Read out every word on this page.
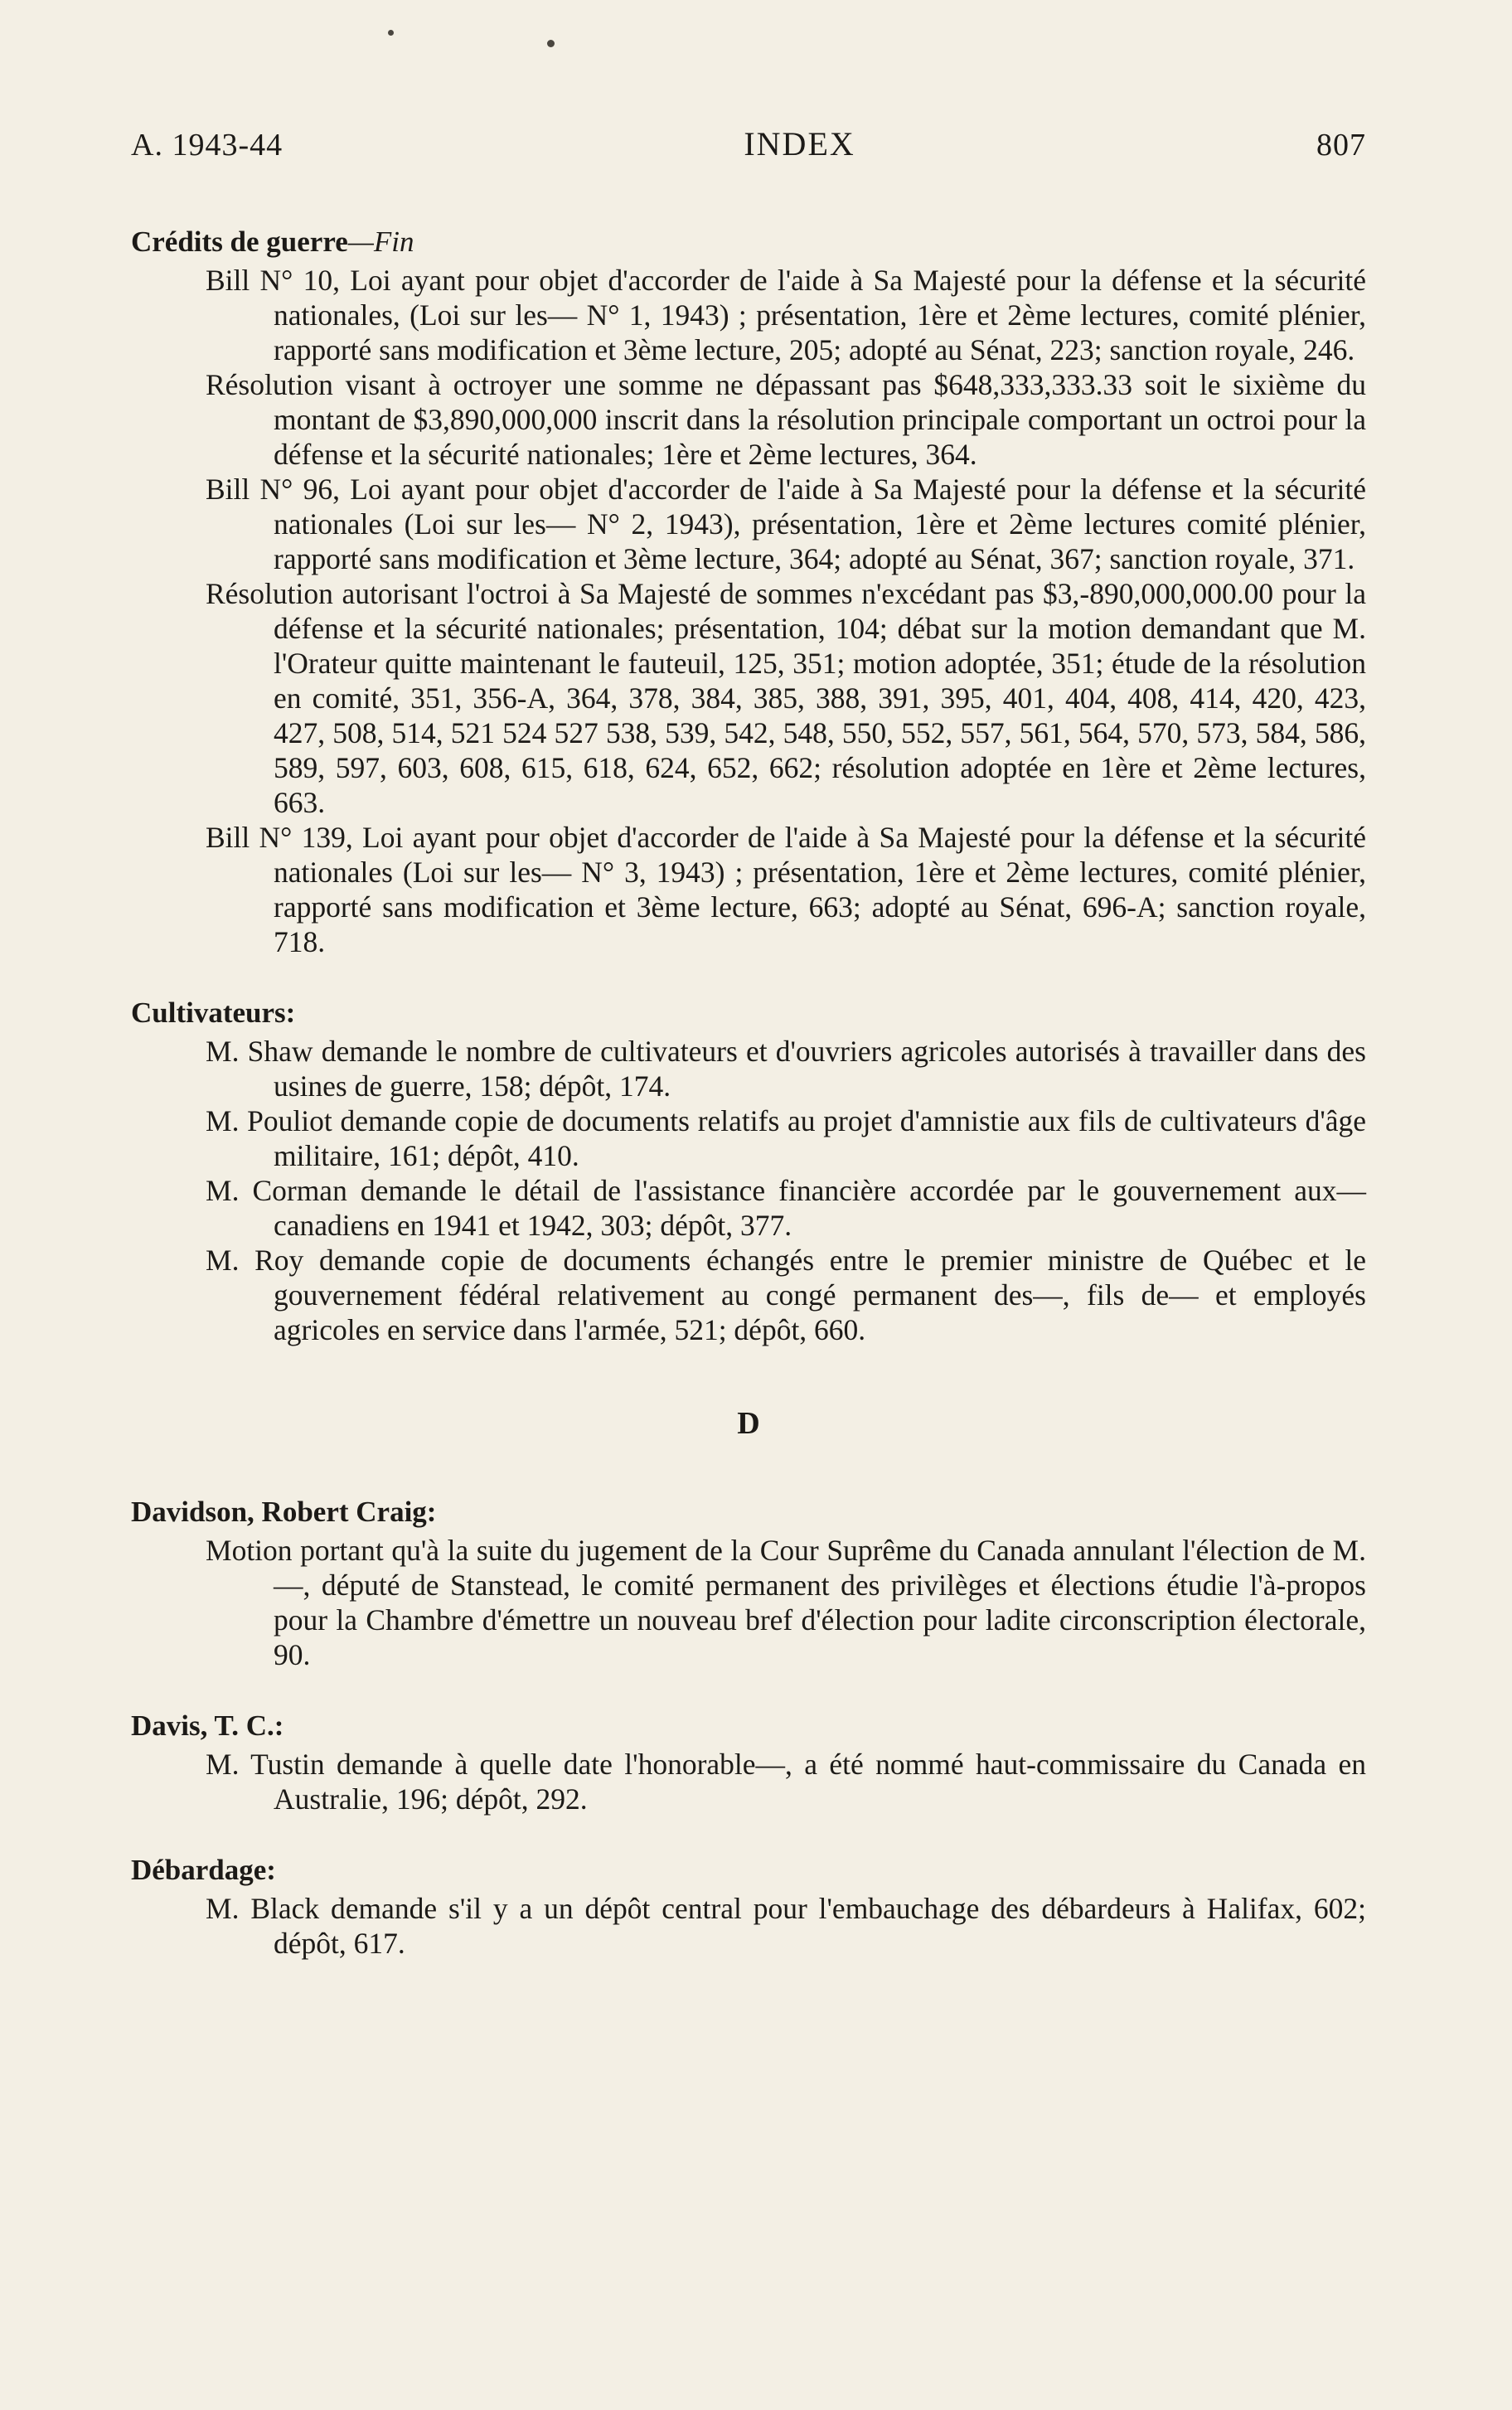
A. 1943-44	INDEX	807
Crédits de guerre—Fin

Bill N° 10, Loi ayant pour objet d'accorder de l'aide à Sa Majesté pour la défense et la sécurité nationales, (Loi sur les— N° 1, 1943) ; présentation, 1ère et 2ème lectures, comité plénier, rapporté sans modification et 3ème lecture, 205; adopté au Sénat, 223; sanction royale, 246.

Résolution visant à octroyer une somme ne dépassant pas $648,333,333.33 soit le sixième du montant de $3,890,000,000 inscrit dans la résolution principale comportant un octroi pour la défense et la sécurité nationales; 1ère et 2ème lectures, 364.

Bill N° 96, Loi ayant pour objet d'accorder de l'aide à Sa Majesté pour la défense et la sécurité nationales (Loi sur les— N° 2, 1943), présentation, 1ère et 2ème lectures comité plénier, rapporté sans modification et 3ème lecture, 364; adopté au Sénat, 367; sanction royale, 371.

Résolution autorisant l'octroi à Sa Majesté de sommes n'excédant pas $3,-890,000,000.00 pour la défense et la sécurité nationales; présentation, 104; débat sur la motion demandant que M. l'Orateur quitte maintenant le fauteuil, 125, 351; motion adoptée, 351; étude de la résolution en comité, 351, 356-A, 364, 378, 384, 385, 388, 391, 395, 401, 404, 408, 414, 420, 423, 427, 508, 514, 521 524 527 538, 539, 542, 548, 550, 552, 557, 561, 564, 570, 573, 584, 586, 589, 597, 603, 608, 615, 618, 624, 652, 662; résolution adoptée en 1ère et 2ème lectures, 663.

Bill N° 139, Loi ayant pour objet d'accorder de l'aide à Sa Majesté pour la défense et la sécurité nationales (Loi sur les— N° 3, 1943) ; présentation, 1ère et 2ème lectures, comité plénier, rapporté sans modification et 3ème lecture, 663; adopté au Sénat, 696-A; sanction royale, 718.

Cultivateurs:

M. Shaw demande le nombre de cultivateurs et d'ouvriers agricoles autorisés à travailler dans des usines de guerre, 158; dépôt, 174.

M. Pouliot demande copie de documents relatifs au projet d'amnistie aux fils de cultivateurs d'âge militaire, 161; dépôt, 410.

M. Corman demande le détail de l'assistance financière accordée par le gouvernement aux— canadiens en 1941 et 1942, 303; dépôt, 377.

M. Roy demande copie de documents échangés entre le premier ministre de Québec et le gouvernement fédéral relativement au congé permanent des—, fils de— et employés agricoles en service dans l'armée, 521; dépôt, 660.

D
Davidson, Robert Craig:

Motion portant qu'à la suite du jugement de la Cour Suprême du Canada annulant l'élection de M.—, député de Stanstead, le comité permanent des privilèges et élections étudie l'à-propos pour la Chambre d'émettre un nouveau bref d'élection pour ladite circonscription électorale, 90.

Davis, T. C.:

M. Tustin demande à quelle date l'honorable—, a été nommé haut-commissaire du Canada en Australie, 196; dépôt, 292.

Débardage:

M. Black demande s'il y a un dépôt central pour l'embauchage des débardeurs à Halifax, 602; dépôt, 617.
